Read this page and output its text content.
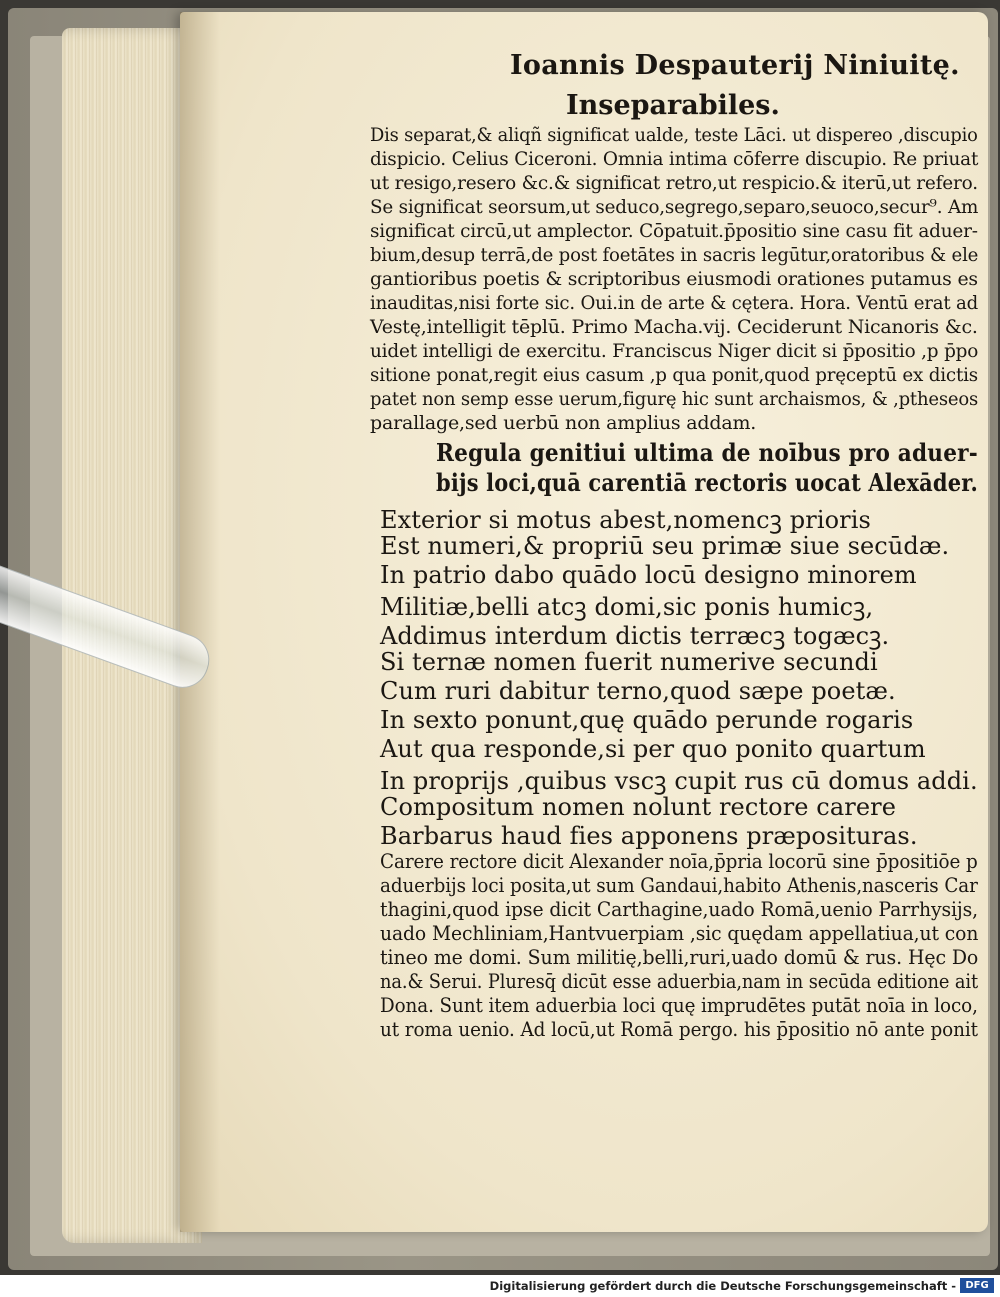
Ioannis Despauterij Niniuitę.
Inseparabiles.
Dis separat,& aliqñ significat ualde, teste Lāci. ut dispereo ,discupio
dispicio. Celius Ciceroni. Omnia intima cōferre discupio. Re priuat
ut resigo,resero &c.& significat retro,ut respicio.& iterū,ut refero.
Se significat seorsum,ut seduco,segrego,separo,seuoco,secur⁹. Am
significat circū,ut amplector. Cōpatuit.p̄positio sine casu fit aduer-
bium,desup terrā,de post foetātes in sacris legūtur,oratoribus & ele
gantioribus poetis & scriptoribus eiusmodi orationes putamus es
inauditas,nisi forte sic. Oui.in de arte & cętera. Hora. Ventū erat ad
Vestę,intelligit tēplū. Primo Macha.vij. Ceciderunt Nicanoris &c.
uidet intelligi de exercitu. Franciscus Niger dicit si p̄positio ,p p̄po
sitione ponat,regit eius casum ,p qua ponit,quod pręceptū ex dictis
patet non semp esse uerum,figurę hic sunt archaismos, & ,ptheseos
parallage,sed uerbū non amplius addam.
Regula genitiui ultima de noībus pro aduer-
bijs loci,quā carentiā rectoris uocat Alexāder.
Exterior si motus abest,nomencꝫ prioris
Est numeri,& propriū seu primæ siue secūdæ.
In patrio dabo quādo locū designo minorem
Militiæ,belli atcꝫ domi,sic ponis humicꝫ,
Addimus interdum dictis terræcꝫ togæcꝫ.
Si ternæ nomen fuerit numerive secundi
Cum ruri dabitur terno,quod sæpe poetæ.
In sexto ponunt,quę quādo perunde rogaris
Aut qua responde,si per quo ponito quartum
In proprijs ,quibus vscꝫ cupit rus cū domus addi.
Compositum nomen nolunt rectore carere
Barbarus haud fies apponens præposituras.
Carere rectore dicit Alexander noīa,p̄pria locorū sine p̄positiōe p
aduerbijs loci posita,ut sum Gandaui,habito Athenis,nasceris Car
thagini,quod ipse dicit Carthagine,uado Romā,uenio Parrhysijs,
uado Mechliniam,Hantvuerpiam ,sic quędam appellatiua,ut con
tineo me domi. Sum militię,belli,ruri,uado domū & rus. Hęc Do
na.& Serui. Pluresq̄ dicūt esse aduerbia,nam in secūda editione ait
Dona. Sunt item aduerbia loci quę imprudētes putāt noīa in loco,
ut roma uenio. Ad locū,ut Romā pergo. his p̄positio nō ante ponit
Digitalisierung gefördert durch die Deutsche Forschungsgemeinschaft - DFG
